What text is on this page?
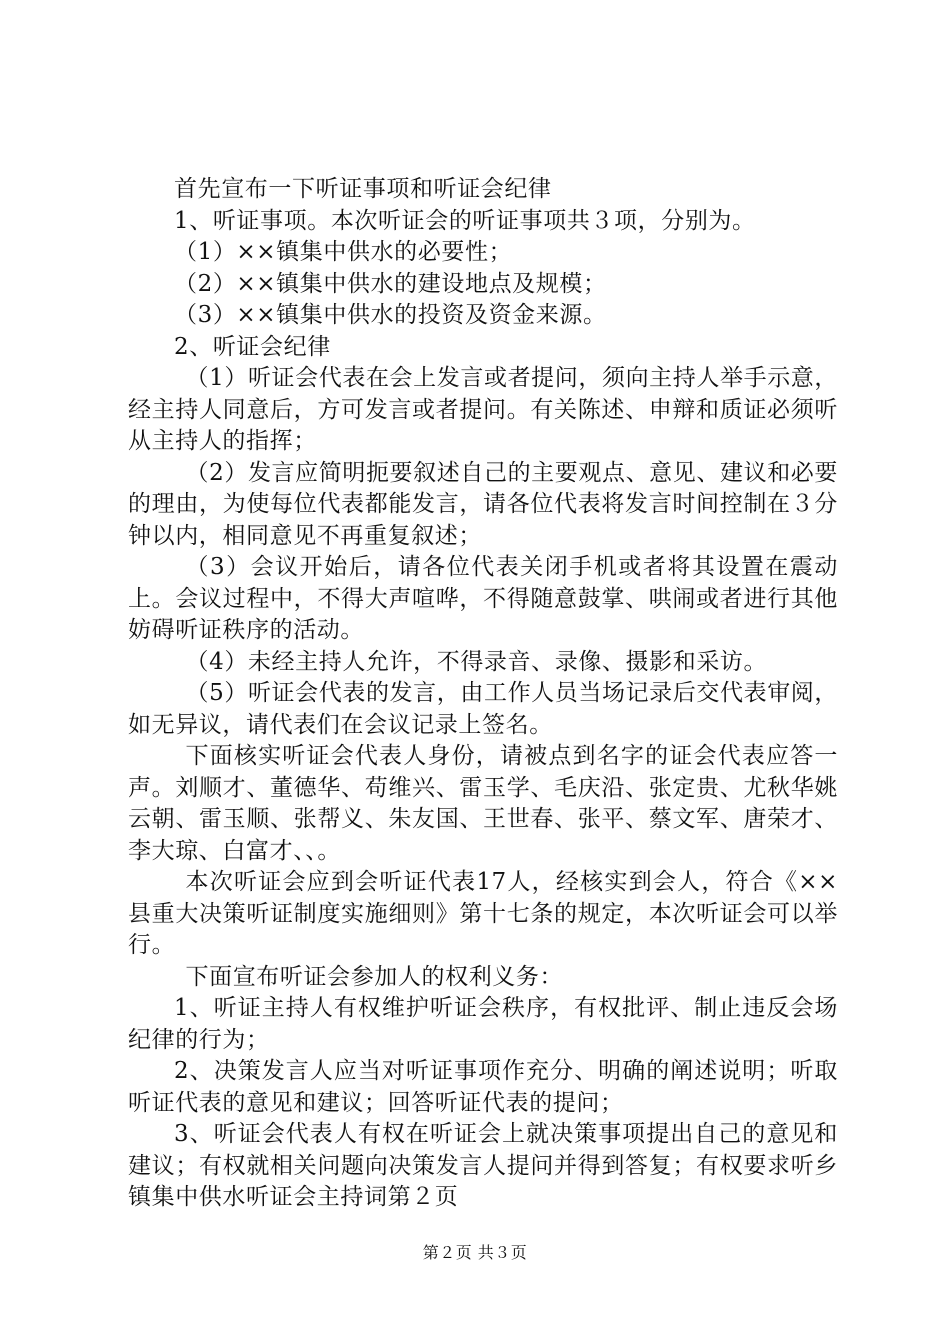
首先宣布一下听证事项和听证会纪律

1、听证事项。本次听证会的听证事项共３项，分别为。

（1）××镇集中供水的必要性；

（2）××镇集中供水的建设地点及规模；

（3）××镇集中供水的投资及资金来源。

2、听证会纪律

（1）听证会代表在会上发言或者提问，须向主持人举手示意，经主持人同意后，方可发言或者提问。有关陈述、申辩和质证必须听从主持人的指挥；

（2）发言应简明扼要叙述自己的主要观点、意见、建议和必要的理由，为使每位代表都能发言，请各位代表将发言时间控制在３分钟以内，相同意见不再重复叙述；

（3）会议开始后，请各位代表关闭手机或者将其设置在震动上。会议过程中，不得大声喧哗，不得随意鼓掌、哄闹或者进行其他妨碍听证秩序的活动。

（4）未经主持人允许，不得录音、录像、摄影和采访。

（5）听证会代表的发言，由工作人员当场记录后交代表审阅，如无异议，请代表们在会议记录上签名。

下面核实听证会代表人身份，请被点到名字的证会代表应答一声。刘顺才、董德华、苟维兴、雷玉学、毛庆沿、张定贵、尤秋华姚云朝、雷玉顺、张帮义、朱友国、王世春、张平、蔡文军、唐荣才、李大琼、白富才、、。

本次听证会应到会听证代表17人，经核实到会人，符合《××县重大决策听证制度实施细则》第十七条的规定，本次听证会可以举行。

下面宣布听证会参加人的权利义务：

1、听证主持人有权维护听证会秩序，有权批评、制止违反会场纪律的行为；

2、决策发言人应当对听证事项作充分、明确的阐述说明；听取听证代表的意见和建议；回答听证代表的提问；

3、听证会代表人有权在听证会上就决策事项提出自己的意见和建议；有权就相关问题向决策发言人提问并得到答复；有权要求听乡镇集中供水听证会主持词第２页

第２页 共３页
